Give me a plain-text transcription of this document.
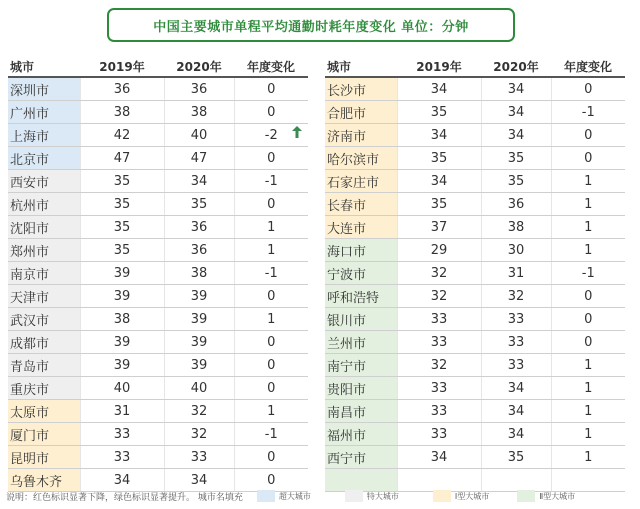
中国主要城市单程平均通勤时耗年度变化 单位：分钟
城市	2019年	2020年	年度变化
深圳市	36	36	0
广州市	38	38	0
上海市	42	40	-2
北京市	47	47	0
西安市	35	34	-1
杭州市	35	35	0
沈阳市	35	36	1
郑州市	35	36	1
南京市	39	38	-1
天津市	39	39	0
武汉市	38	39	1
成都市	39	39	0
青岛市	39	39	0
重庆市	40	40	0
太原市	31	32	1
厦门市	33	32	-1
昆明市	33	33	0
乌鲁木齐	34	34	0
城市	2019年	2020年	年度变化
长沙市	34	34	0
合肥市	35	34	-1
济南市	34	34	0
哈尔滨市	35	35	0
石家庄市	34	35	1
长春市	35	36	1
大连市	37	38	1
海口市	29	30	1
宁波市	32	31	-1
呼和浩特	32	32	0
银川市	33	33	0
兰州市	33	33	0
南宁市	32	33	1
贵阳市	33	34	1
南昌市	33	34	1
福州市	33	34	1
西宁市	34	35	1

说明：红色标识显著下降，绿色标识显著提升。 城市名填充	超大城市	特大城市	Ⅰ型大城市	Ⅱ型大城市
